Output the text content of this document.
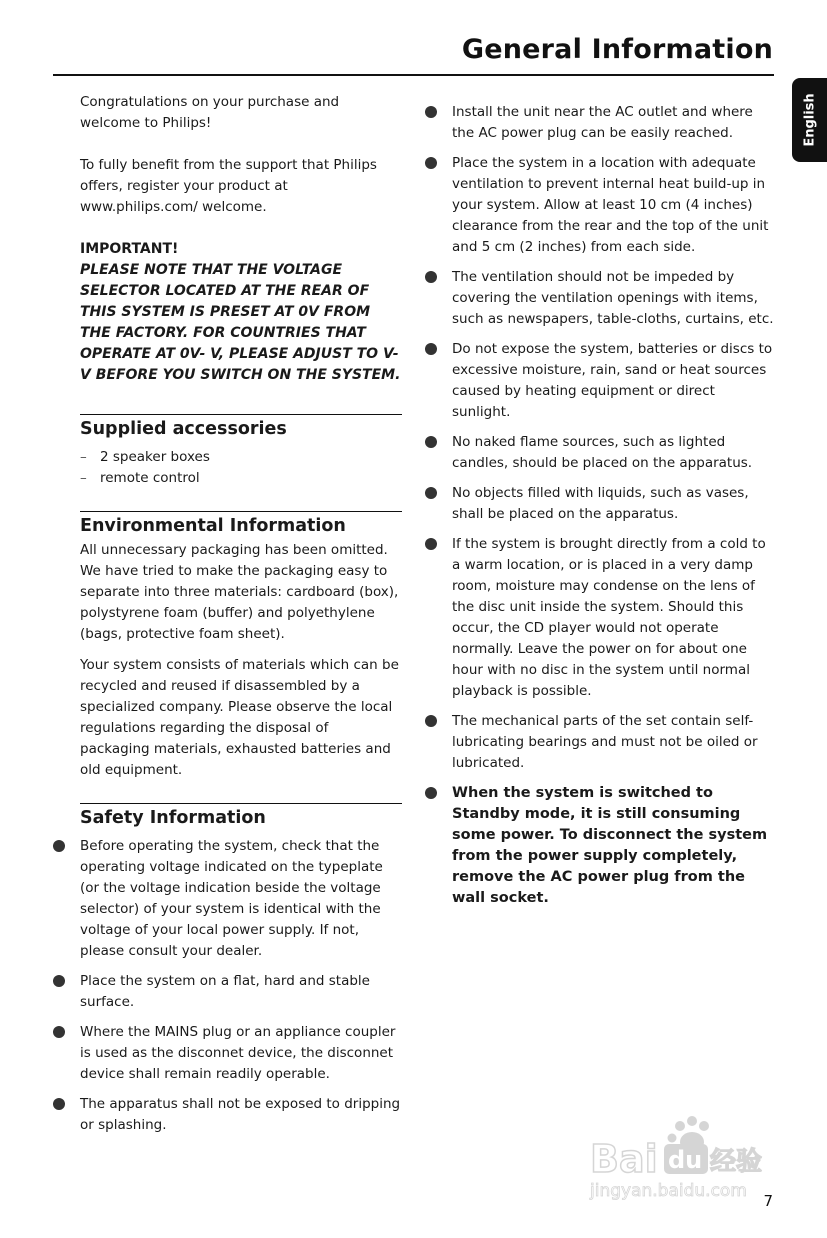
General Information
English

Congratulations on your purchase and welcome to Philips!

To fully benefit from the support that Philips offers, register your product at www.philips.com/ welcome.

IMPORTANT!
PLEASE NOTE THAT THE VOLTAGE SELECTOR LOCATED AT THE REAR OF THIS SYSTEM IS PRESET AT 0V FROM THE FACTORY. FOR COUNTRIES THAT OPERATE AT 0V- V, PLEASE ADJUST TO V- V BEFORE YOU SWITCH ON THE SYSTEM.
Supplied accessories
– 2 speaker boxes
– remote control
Environmental Information

All unnecessary packaging has been omitted. We have tried to make the packaging easy to separate into three materials: cardboard (box), polystyrene foam (buffer) and polyethylene (bags, protective foam sheet).

Your system consists of materials which can be recycled and reused if disassembled by a specialized company. Please observe the local regulations regarding the disposal of packaging materials, exhausted batteries and old equipment.

Safety Information
Before operating the system, check that the operating voltage indicated on the typeplate (or the voltage indication beside the voltage selector) of your system is identical with the voltage of your local power supply. If not, please consult your dealer.
Place the system on a flat, hard and stable surface.
Where the MAINS plug or an appliance coupler is used as the disconnet device, the disconnet device shall remain readily operable.
The apparatus shall not be exposed to dripping or splashing.
Install the unit near the AC outlet and where the AC power plug can be easily reached.
Place the system in a location with adequate ventilation to prevent internal heat build-up in your system. Allow at least 10 cm (4 inches) clearance from the rear and the top of the unit and 5 cm (2 inches) from each side.
The ventilation should not be impeded by covering the ventilation openings with items, such as newspapers, table-cloths, curtains, etc.
Do not expose the system, batteries or discs to excessive moisture, rain, sand or heat sources caused by heating equipment or direct sunlight.
No naked flame sources, such as lighted candles, should be placed on the apparatus.
No objects filled with liquids, such as vases, shall be placed on the apparatus.
If the system is brought directly from a cold to a warm location, or is placed in a very damp room, moisture may condense on the lens of the disc unit inside the system. Should this occur, the CD player would not operate normally. Leave the power on for about one hour with no disc in the system until normal playback is possible.
The mechanical parts of the set contain self-lubricating bearings and must not be oiled or lubricated.
When the system is switched to Standby mode, it is still consuming some power. To disconnect the system from the power supply completely, remove the AC power plug from the wall socket.
Bai du 经验
jingyan.baidu.com 7
